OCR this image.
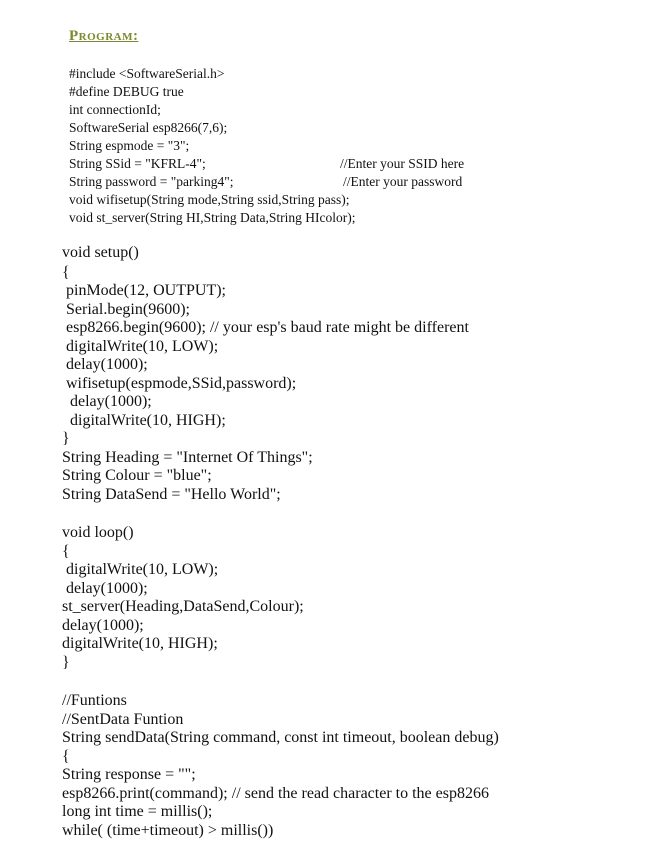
Program:
#include <SoftwareSerial.h>
#define DEBUG true
int connectionId;
SoftwareSerial esp8266(7,6);
String espmode = "3";
String SSid = "KFRL-4";	//Enter your SSID here
String password = "parking4";	//Enter your password
void wifisetup(String mode,String ssid,String pass);
void st_server(String HI,String Data,String HIcolor);
void setup()
{
pinMode(12, OUTPUT);
Serial.begin(9600);
esp8266.begin(9600); // your esp's baud rate might be different
digitalWrite(10, LOW);
delay(1000);
wifisetup(espmode,SSid,password);
delay(1000);
digitalWrite(10, HIGH);
}
String Heading = "Internet Of Things";
String Colour = "blue";
String DataSend = "Hello World";
void loop()
{
digitalWrite(10, LOW);
delay(1000);
st_server(Heading,DataSend,Colour);
delay(1000);
digitalWrite(10, HIGH);
}
//Funtions
//SentData Funtion
String sendData(String command, const int timeout, boolean debug)
{
String response = "";
esp8266.print(command); // send the read character to the esp8266
long int time = millis();
while( (time+timeout) > millis())
